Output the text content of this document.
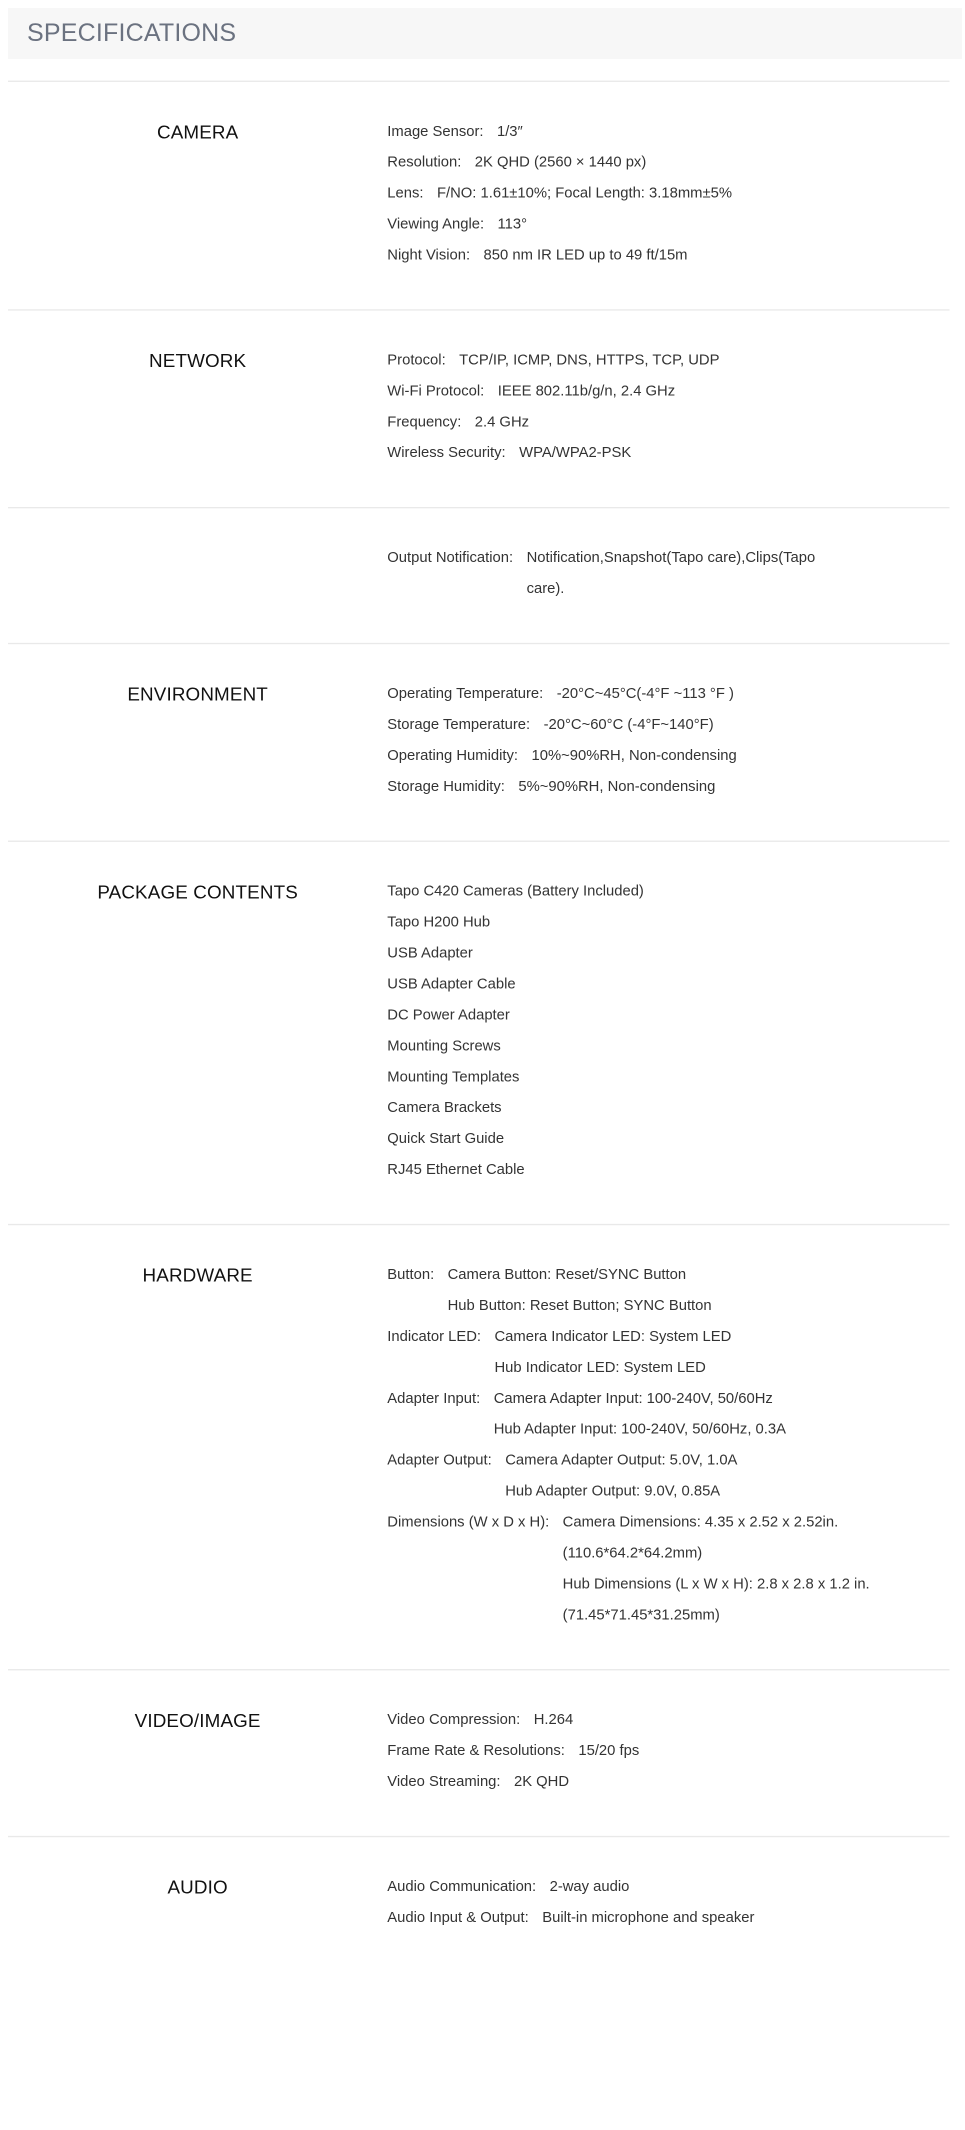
SPECIFICATIONS
CAMERA	Image Sensor: 1/3″
Resolution: 2K QHD (2560 × 1440 px)
Lens: F/NO: 1.61±10%; Focal Length: 3.18mm±5%
Viewing Angle: 113°
Night Vision: 850 nm IR LED up to 49 ft/15m
NETWORK	Protocol: TCP/IP, ICMP, DNS, HTTPS, TCP, UDP
Wi-Fi Protocol: IEEE 802.11b/g/n, 2.4 GHz
Frequency: 2.4 GHz
Wireless Security: WPA/WPA2-PSK
Output Notification: Notification,Snapshot(Tapo care),Clips(Tapo
care).
ENVIRONMENT	Operating Temperature: -20°C~45°C(-4°F ~113 °F )
Storage Temperature: -20°C~60°C (-4°F~140°F)
Operating Humidity: 10%~90%RH, Non-condensing
Storage Humidity: 5%~90%RH, Non-condensing
PACKAGE CONTENTS	Tapo C420 Cameras (Battery Included)
Tapo H200 Hub
USB Adapter
USB Adapter Cable
DC Power Adapter
Mounting Screws
Mounting Templates
Camera Brackets
Quick Start Guide
RJ45 Ethernet Cable
HARDWARE	Button: Camera Button: Reset/SYNC Button
Hub Button: Reset Button; SYNC Button
Indicator LED: Camera Indicator LED: System LED
Hub Indicator LED: System LED
Adapter Input: Camera Adapter Input: 100-240V, 50/60Hz
Hub Adapter Input: 100-240V, 50/60Hz, 0.3A
Adapter Output: Camera Adapter Output: 5.0V, 1.0A
Hub Adapter Output: 9.0V, 0.85A
Dimensions (W x D x H): Camera Dimensions: 4.35 x 2.52 x 2.52in.
(110.6*64.2*64.2mm)
Hub Dimensions (L x W x H): 2.8 x 2.8 x 1.2 in.
(71.45*71.45*31.25mm)
VIDEO/IMAGE	Video Compression: H.264
Frame Rate & Resolutions: 15/20 fps
Video Streaming: 2K QHD
AUDIO	Audio Communication: 2-way audio
Audio Input & Output: Built-in microphone and speaker
